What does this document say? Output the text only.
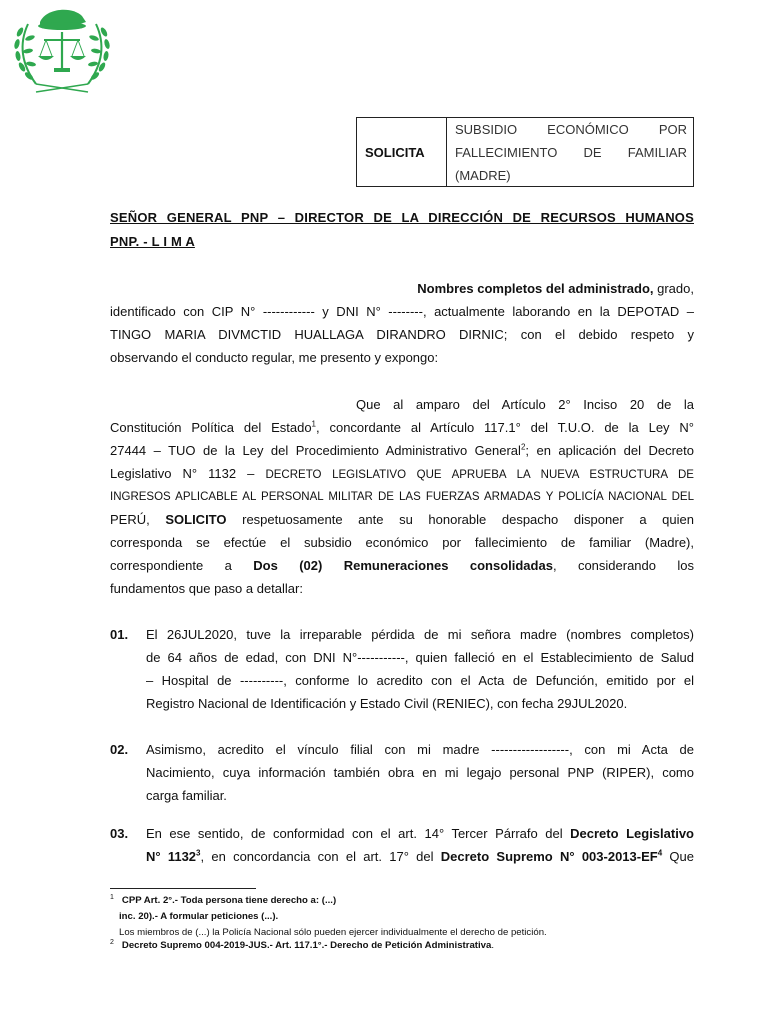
SOLICITA
SUBSIDIO ECONÓMICO POR
FALLECIMIENTO DE FAMILIAR
(MADRE)
SEÑOR GENERAL PNP – DIRECTOR DE LA DIRECCIÓN DE RECURSOS HUMANOS
PNP. - L I M A
Nombres completos del administrado, grado,
identificado con CIP N° ------------ y DNI N° --------, actualmente laborando en la DEPOTAD –
TINGO MARIA DIVMCTID HUALLAGA DIRANDRO DIRNIC; con el debido respeto y
observando el conducto regular, me presento y expongo:
Que al amparo del Artículo 2° Inciso 20 de la
Constitución Política del Estado$^1$, concordante al Artículo 117.1° del T.U.O. de la Ley N°
27444 – TUO de la Ley del Procedimiento Administrativo General$^2$; en aplicación del Decreto
Legislativo N° 1132 – DECRETO LEGISLATIVO QUE APRUEBA LA NUEVA ESTRUCTURA DE
INGRESOS APLICABLE AL PERSONAL MILITAR DE LAS FUERZAS ARMADAS Y POLICÍA NACIONAL DEL
PERÚ, SOLICITO respetuosamente ante su honorable despacho disponer a quien
corresponda se efectúe el subsidio económico por fallecimiento de familiar (Madre),
correspondiente a Dos (02) Remuneraciones consolidadas, considerando los
fundamentos que paso a detallar:
01. El 26JUL2020, tuve la irreparable pérdida de mi señora madre (nombres completos)
de 64 años de edad, con DNI N°-----------, quien falleció en el Establecimiento de Salud
– Hospital de ----------, conforme lo acredito con el Acta de Defunción, emitido por el
Registro Nacional de Identificación y Estado Civil (RENIEC), con fecha 29JUL2020.
02. Asimismo, acredito el vínculo filial con mi madre ------------------, con mi Acta de
Nacimiento, cuya información también obra en mi legajo personal PNP (RIPER), como
carga familiar.
03. En ese sentido, de conformidad con el art. 14° Tercer Párrafo del Decreto Legislativo
N° 1132$^3$, en concordancia con el art. 17° del Decreto Supremo N° $003-2013-EF^4$ Que
$^1$ CPP Art. 2°.- Toda persona tiene derecho a: (...)
inc. 20).- A formular peticiones (...).
Los miembros de (...) la Policía Nacional sólo pueden ejercer individualmente el derecho de petición.
$^2$ Decreto Supremo 004-2019-JUS.- Art. 117.1°.- Derecho de Petición Administrativa.
